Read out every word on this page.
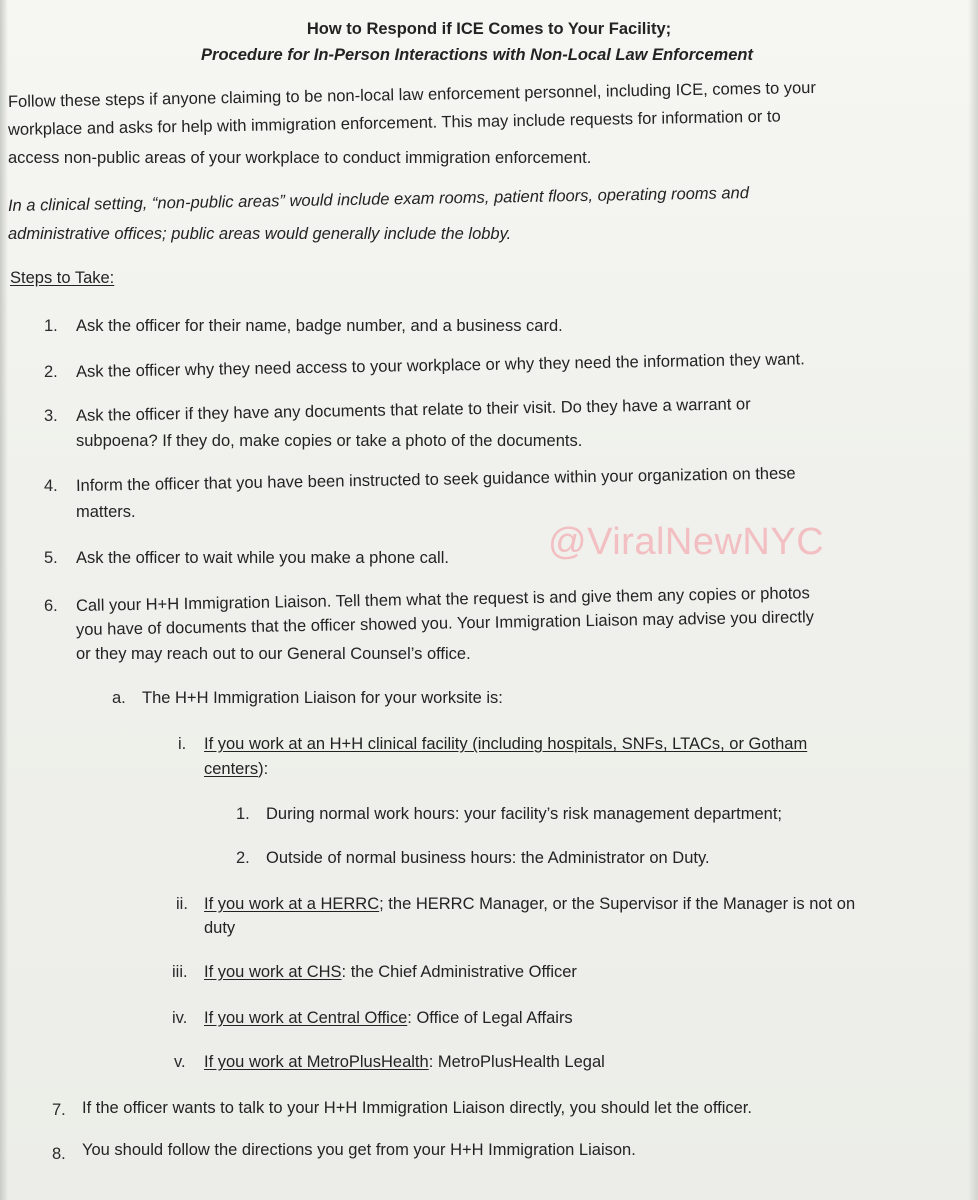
How to Respond if ICE Comes to Your Facility;
Procedure for In-Person Interactions with Non-Local Law Enforcement
Follow these steps if anyone claiming to be non-local law enforcement personnel, including ICE, comes to your
workplace and asks for help with immigration enforcement. This may include requests for information or to
access non-public areas of your workplace to conduct immigration enforcement.
In a clinical setting, “non-public areas” would include exam rooms, patient floors, operating rooms and
administrative offices; public areas would generally include the lobby.
Steps to Take:
1. Ask the officer for their name, badge number, and a business card.
2. Ask the officer why they need access to your workplace or why they need the information they want.
3. Ask the officer if they have any documents that relate to their visit. Do they have a warrant or
subpoena? If they do, make copies or take a photo of the documents.
4. Inform the officer that you have been instructed to seek guidance within your organization on these
matters.
5. Ask the officer to wait while you make a phone call.	@ViralNewNYC
6. Call your H+H Immigration Liaison. Tell them what the request is and give them any copies or photos
you have of documents that the officer showed you. Your Immigration Liaison may advise you directly
or they may reach out to our General Counsel’s office.
a. The H+H Immigration Liaison for your worksite is:
i. If you work at an H+H clinical facility (including hospitals, SNFs, LTACs, or Gotham
centers):
1. During normal work hours: your facility’s risk management department;
2. Outside of normal business hours: the Administrator on Duty.
ii. If you work at a HERRC; the HERRC Manager, or the Supervisor if the Manager is not on
duty
iii. If you work at CHS: the Chief Administrative Officer
iv. If you work at Central Office: Office of Legal Affairs
v. If you work at MetroPlusHealth: MetroPlusHealth Legal
7. If the officer wants to talk to your H+H Immigration Liaison directly, you should let the officer.
8. You should follow the directions you get from your H+H Immigration Liaison.
